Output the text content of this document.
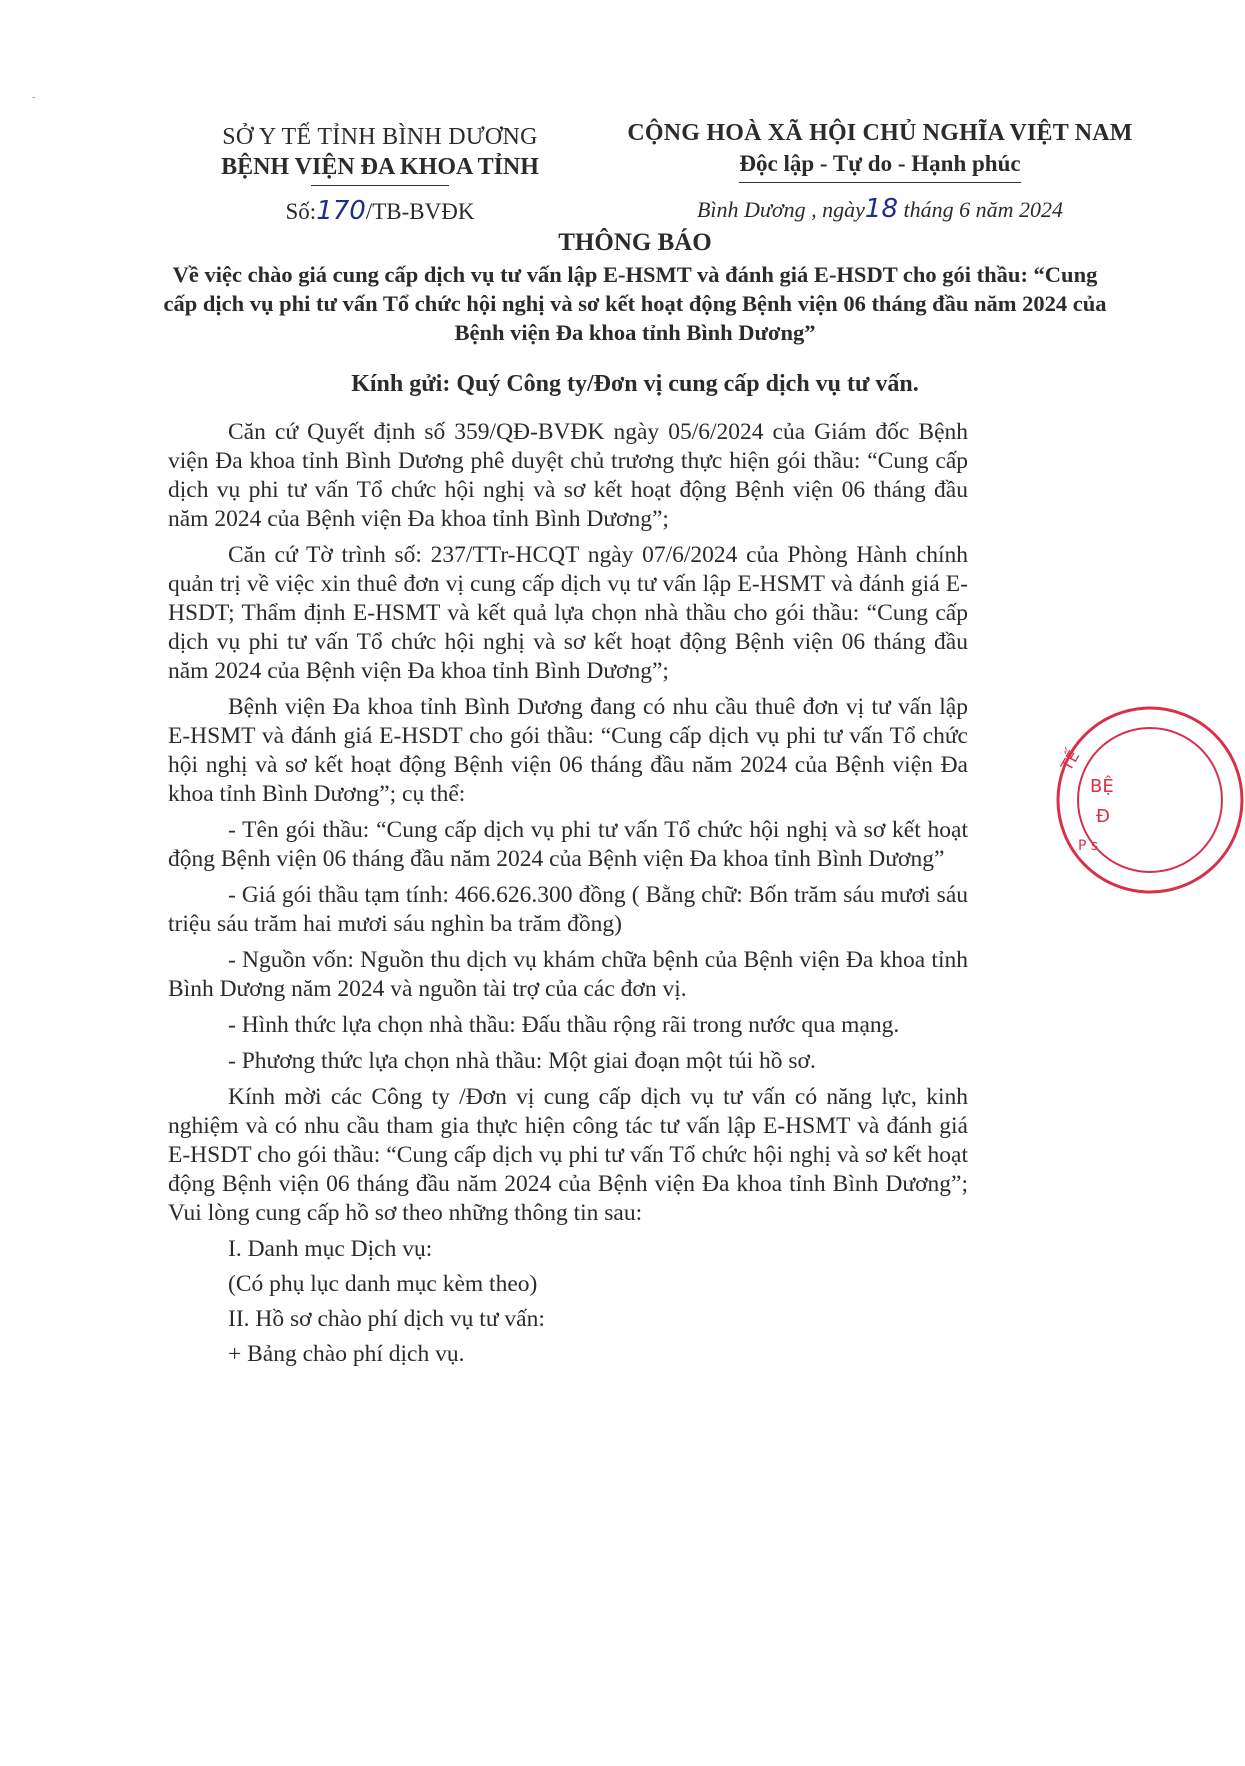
-
SỞ Y TẾ TỈNH BÌNH DƯƠNG
BỆNH VIỆN ĐA KHOA TỈNH
Số:170/TB-BVĐK
CỘNG HOÀ XÃ HỘI CHỦ NGHĨA VIỆT NAM
Độc lập - Tự do - Hạnh phúc
Bình Dương , ngày18 tháng 6 năm 2024
THÔNG BÁO
Về việc chào giá cung cấp dịch vụ tư vấn lập E-HSMT và đánh giá E-HSDT cho gói thầu: “Cung cấp dịch vụ phi tư vấn Tổ chức hội nghị và sơ kết hoạt động Bệnh viện 06 tháng đầu năm 2024 của Bệnh viện Đa khoa tỉnh Bình Dương”
Kính gửi: Quý Công ty/Đơn vị cung cấp dịch vụ tư vấn.

Căn cứ Quyết định số 359/QĐ-BVĐK ngày 05/6/2024 của Giám đốc Bệnh viện Đa khoa tỉnh Bình Dương phê duyệt chủ trương thực hiện gói thầu: “Cung cấp dịch vụ phi tư vấn Tổ chức hội nghị và sơ kết hoạt động Bệnh viện 06 tháng đầu năm 2024 của Bệnh viện Đa khoa tỉnh Bình Dương”;

Căn cứ Tờ trình số: 237/TTr-HCQT ngày 07/6/2024 của Phòng Hành chính quản trị về việc xin thuê đơn vị cung cấp dịch vụ tư vấn lập E-HSMT và đánh giá E-HSDT; Thẩm định E-HSMT và kết quả lựa chọn nhà thầu cho gói thầu: “Cung cấp dịch vụ phi tư vấn Tổ chức hội nghị và sơ kết hoạt động Bệnh viện 06 tháng đầu năm 2024 của Bệnh viện Đa khoa tỉnh Bình Dương”;

Bệnh viện Đa khoa tỉnh Bình Dương đang có nhu cầu thuê đơn vị tư vấn lập E-HSMT và đánh giá E-HSDT cho gói thầu: “Cung cấp dịch vụ phi tư vấn Tổ chức hội nghị và sơ kết hoạt động Bệnh viện 06 tháng đầu năm 2024 của Bệnh viện Đa khoa tỉnh Bình Dương”; cụ thể:

- Tên gói thầu: “Cung cấp dịch vụ phi tư vấn Tổ chức hội nghị và sơ kết hoạt động Bệnh viện 06 tháng đầu năm 2024 của Bệnh viện Đa khoa tỉnh Bình Dương”

- Giá gói thầu tạm tính: 466.626.300 đồng ( Bằng chữ: Bốn trăm sáu mươi sáu triệu sáu trăm hai mươi sáu nghìn ba trăm đồng)

- Nguồn vốn: Nguồn thu dịch vụ khám chữa bệnh của Bệnh viện Đa khoa tỉnh Bình Dương năm 2024 và nguồn tài trợ của các đơn vị.

- Hình thức lựa chọn nhà thầu: Đấu thầu rộng rãi trong nước qua mạng.

- Phương thức lựa chọn nhà thầu: Một giai đoạn một túi hồ sơ.

Kính mời các Công ty /Đơn vị cung cấp dịch vụ tư vấn có năng lực, kinh nghiệm và có nhu cầu tham gia thực hiện công tác tư vấn lập E-HSMT và đánh giá E-HSDT cho gói thầu: “Cung cấp dịch vụ phi tư vấn Tổ chức hội nghị và sơ kết hoạt động Bệnh viện 06 tháng đầu năm 2024 của Bệnh viện Đa khoa tỉnh Bình Dương”; Vui lòng cung cấp hồ sơ theo những thông tin sau:

I. Danh mục Dịch vụ:

(Có phụ lục danh mục kèm theo)

II. Hồ sơ chào phí dịch vụ tư vấn:

+ Bảng chào phí dịch vụ.

TẾ
BỆ
Đ
P s
